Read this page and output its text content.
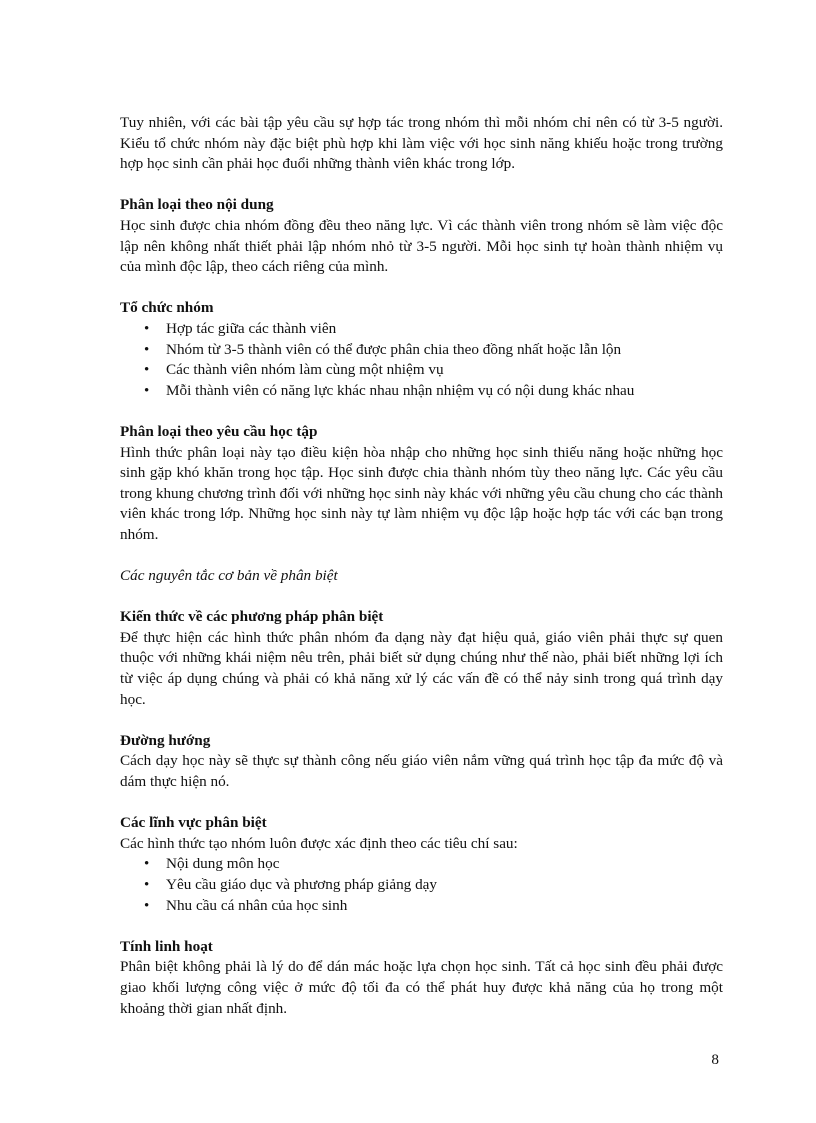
Tuy nhiên, với các bài tập yêu cầu sự hợp tác trong nhóm thì mỗi nhóm chỉ nên có từ 3-5 người. Kiểu tổ chức nhóm này đặc biệt phù hợp khi làm việc với học sinh năng khiếu hoặc trong trường hợp học sinh cần phải học đuổi những thành viên khác trong lớp.

Phân loại theo nội dung

Học sinh được chia nhóm đồng đều theo năng lực. Vì các thành viên trong nhóm sẽ làm việc độc lập nên không nhất thiết phải lập nhóm nhỏ từ 3-5 người. Mỗi học sinh tự hoàn thành nhiệm vụ của mình độc lập, theo cách riêng của mình.

Tổ chức nhóm

• Hợp tác giữa các thành viên
• Nhóm từ 3-5 thành viên có thể được phân chia theo đồng nhất hoặc lẫn lộn
• Các thành viên nhóm làm cùng một nhiệm vụ
• Mỗi thành viên có năng lực khác nhau nhận nhiệm vụ có nội dung khác nhau

Phân loại theo yêu cầu học tập

Hình thức phân loại này tạo điều kiện hòa nhập cho những học sinh thiếu năng hoặc những học sinh gặp khó khăn trong học tập. Học sinh được chia thành nhóm tùy theo năng lực. Các yêu cầu trong khung chương trình đối với những học sinh này khác với những yêu cầu chung cho các thành viên khác trong lớp. Những học sinh này tự làm nhiệm vụ độc lập hoặc hợp tác với các bạn trong nhóm.

Các nguyên tắc cơ bản về phân biệt

Kiến thức về các phương pháp phân biệt

Để thực hiện các hình thức phân nhóm đa dạng này đạt hiệu quả, giáo viên phải thực sự quen thuộc với những khái niệm nêu trên, phải biết sử dụng chúng như thế nào, phải biết những lợi ích từ việc áp dụng chúng và phải có khả năng xử lý các vấn đề có thể nảy sinh trong quá trình dạy học.

Đường hướng

Cách dạy học này sẽ thực sự thành công nếu giáo viên nắm vững quá trình học tập đa mức độ và dám thực hiện nó.

Các lĩnh vực phân biệt

Các hình thức tạo nhóm luôn được xác định theo các tiêu chí sau:

• Nội dung môn học
• Yêu cầu giáo dục và phương pháp giảng dạy
• Nhu cầu cá nhân của học sinh

Tính linh hoạt

Phân biệt không phải là lý do để dán mác hoặc lựa chọn học sinh. Tất cả học sinh đều phải được giao khối lượng công việc ở mức độ tối đa có thể phát huy được khả năng của họ trong một khoảng thời gian nhất định.

8
